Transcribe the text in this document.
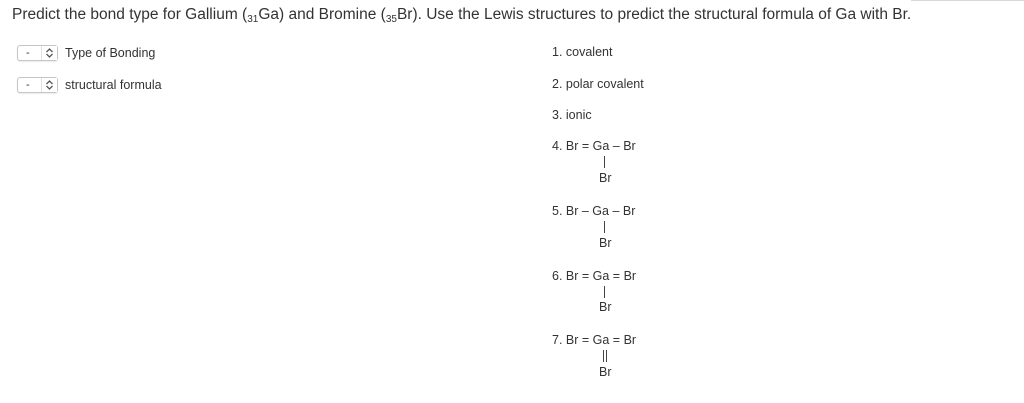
Predict the bond type for Gallium $(_{31}Ga)$ and Bromine $(_{35}Br)$. Use the Lewis structures to predict the structural formula of Ga with Br.
-	Type of Bonding
-	structural formula
1. covalent
2. polar covalent
3. ionic
4. Br = Ga – Br
Br
5. Br – Ga – Br
Br
6. Br = Ga = Br
Br
7. Br = Ga = Br
Br
